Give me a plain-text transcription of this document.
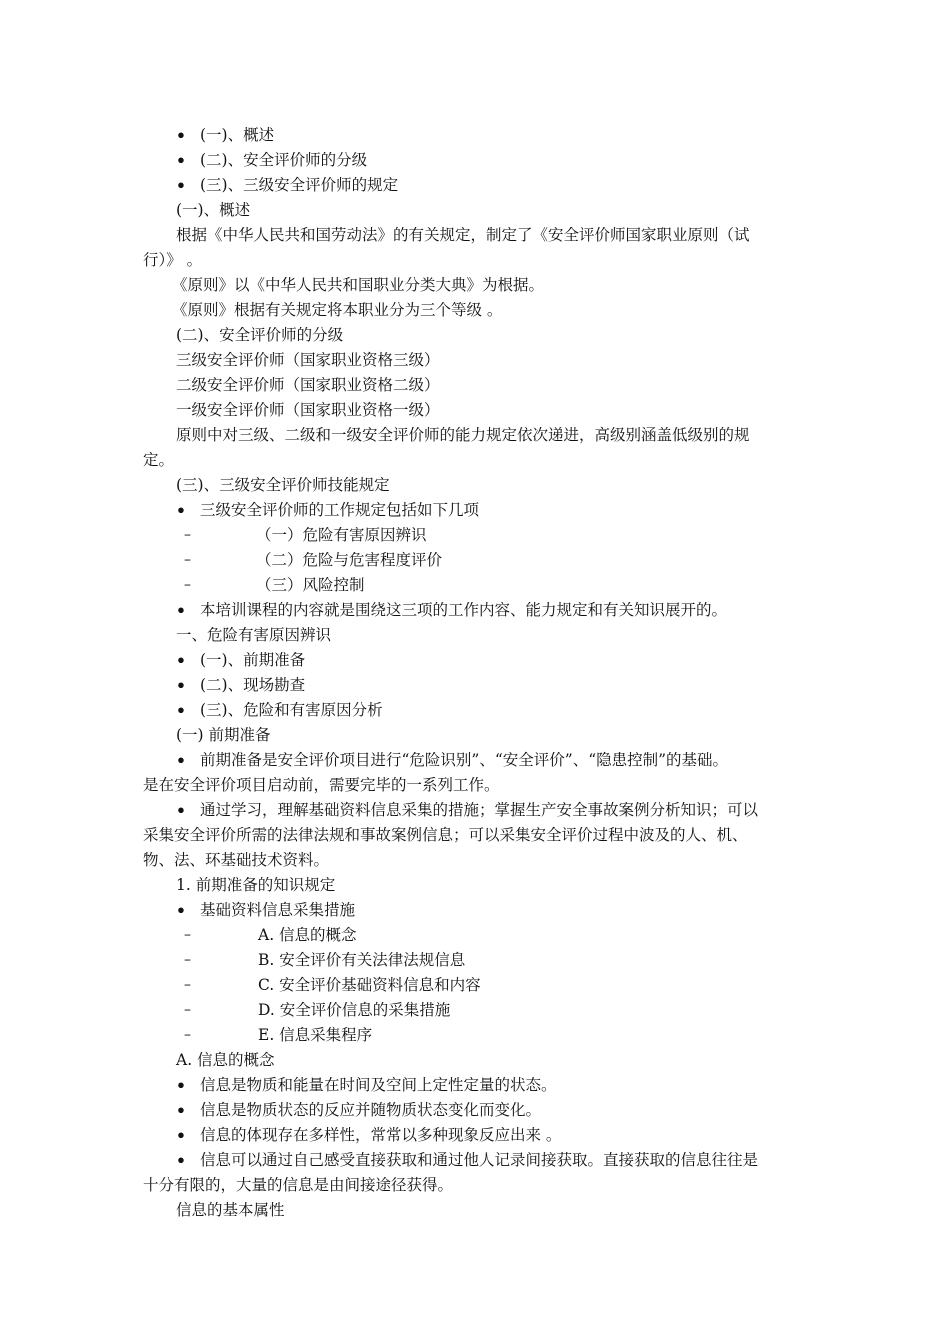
• (一)、概述
• (二)、安全评价师的分级
• (三)、三级安全评价师的规定
(一)、概述
根据《中华人民共和国劳动法》的有关规定，制定了《安全评价师国家职业原则（试
行）》 。
《原则》以《中华人民共和国职业分类大典》为根据。
《原则》根据有关规定将本职业分为三个等级 。
(二)、安全评价师的分级
三级安全评价师（国家职业资格三级）
二级安全评价师（国家职业资格二级）
一级安全评价师（国家职业资格一级）
原则中对三级、二级和一级安全评价师的能力规定依次递进，高级别涵盖低级别的规
定。
(三)、三级安全评价师技能规定
• 三级安全评价师的工作规定包括如下几项
–	（一）危险有害原因辨识
–	（二）危险与危害程度评价
–	（三）风险控制
• 本培训课程的内容就是围绕这三项的工作内容、能力规定和有关知识展开的。
一、危险有害原因辨识
• (一)、前期准备
• (二)、现场勘查
• (三)、危险和有害原因分析
(一) 前期准备
• 前期准备是安全评价项目进行“危险识别”、“安全评价”、“隐患控制”的基础。
是在安全评价项目启动前，需要完毕的一系列工作。
• 通过学习，理解基础资料信息采集的措施；掌握生产安全事故案例分析知识；可以
采集安全评价所需的法律法规和事故案例信息；可以采集安全评价过程中波及的人、机、
物、法、环基础技术资料。
1. 前期准备的知识规定
• 基础资料信息采集措施
–	A. 信息的概念
–	B. 安全评价有关法律法规信息
–	C. 安全评价基础资料信息和内容
–	D. 安全评价信息的采集措施
–	E. 信息采集程序
A. 信息的概念
• 信息是物质和能量在时间及空间上定性定量的状态。
• 信息是物质状态的反应并随物质状态变化而变化。
• 信息的体现存在多样性，常常以多种现象反应出来 。
• 信息可以通过自己感受直接获取和通过他人记录间接获取。直接获取的信息往往是
十分有限的，大量的信息是由间接途径获得。
信息的基本属性
